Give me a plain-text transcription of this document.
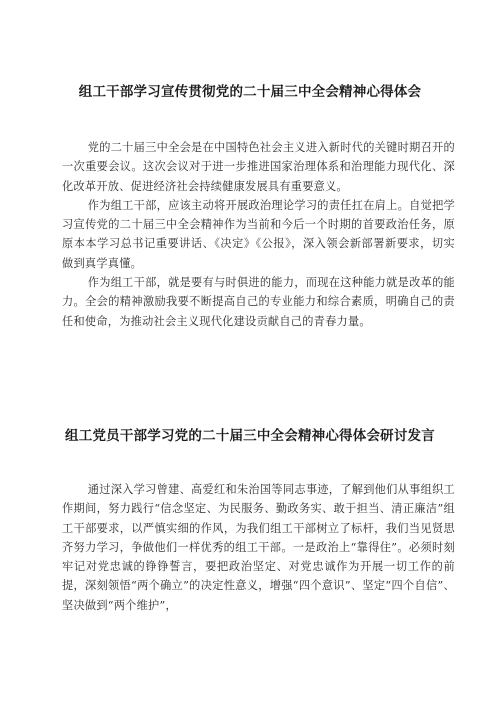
组工干部学习宣传贯彻党的二十届三中全会精神心得体会

党的二十届三中全会是在中国特色社会主义进入新时代的关键时期召开的一次重要会议。这次会议对于进一步推进国家治理体系和治理能力现代化、深化改革开放、促进经济社会持续健康发展具有重要意义。

作为组工干部，应该主动将开展政治理论学习的责任扛在肩上。自觉把学习宣传党的二十届三中全会精神作为当前和今后一个时期的首要政治任务，原原本本学习总书记重要讲话、《决定》《公报》，深入领会新部署新要求，切实做到真学真懂。

作为组工干部，就是要有与时俱进的能力，而现在这种能力就是改革的能力。全会的精神激励我要不断提高自己的专业能力和综合素质，明确自己的责任和使命，为推动社会主义现代化建设贡献自己的青春力量。

组工党员干部学习党的二十届三中全会精神心得体会研讨发言

通过深入学习曾建、高爱红和朱治国等同志事迹，了解到他们从事组织工作期间，努力践行“信念坚定、为民服务、勤政务实、敢于担当、清正廉洁”组工干部要求，以严慎实细的作风，为我们组工干部树立了标杆，我们当见贤思齐努力学习，争做他们一样优秀的组工干部。一是政治上“靠得住”。必须时刻牢记对党忠诚的铮铮誓言，要把政治坚定、对党忠诚作为开展一切工作的前提，深刻领悟“两个确立”的决定性意义，增强“四个意识”、坚定“四个自信”、坚决做到“两个维护”，
